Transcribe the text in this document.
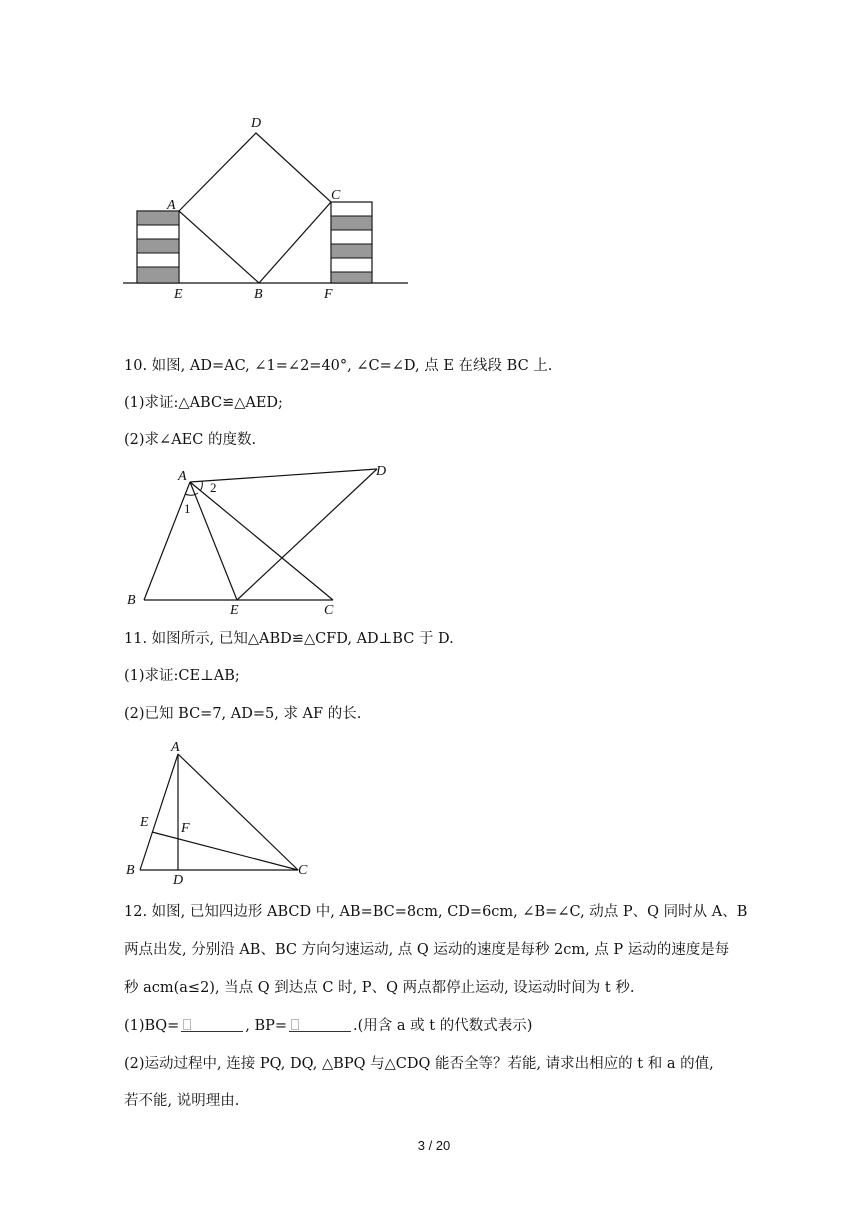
D
A
C
E	B	F
10. 如图, AD=AC, ∠1=∠2=40°, ∠C=∠D, 点 E 在线段 BC 上.
(1)求证:△ABC≌△AED;
(2)求∠AEC 的度数.
A	D
B
E	C
1
2
11. 如图所示, 已知△ABD≌△CFD, AD⊥BC 于 D.
(1)求证:CE⊥AB;
(2)已知 BC=7, AD=5, 求 AF 的长.
A
E F
B
D
C
12. 如图, 已知四边形 ABCD 中, AB=BC=8cm, CD=6cm, ∠B=∠C, 动点 P、Q 同时从 A、B
两点出发, 分别沿 AB、BC 方向匀速运动, 点 Q 运动的速度是每秒 2cm, 点 P 运动的速度是每
秒 acm(a≤2), 当点 Q 到达点 C 时, P、Q 两点都停止运动, 设运动时间为 t 秒.
(1)BQ=	, BP=	.(用含 a 或 t 的代数式表示)
(2)运动过程中, 连接 PQ, DQ, △BPQ 与△CDQ 能否全等？若能, 请求出相应的 t 和 a 的值,
若不能, 说明理由.
3 / 20
